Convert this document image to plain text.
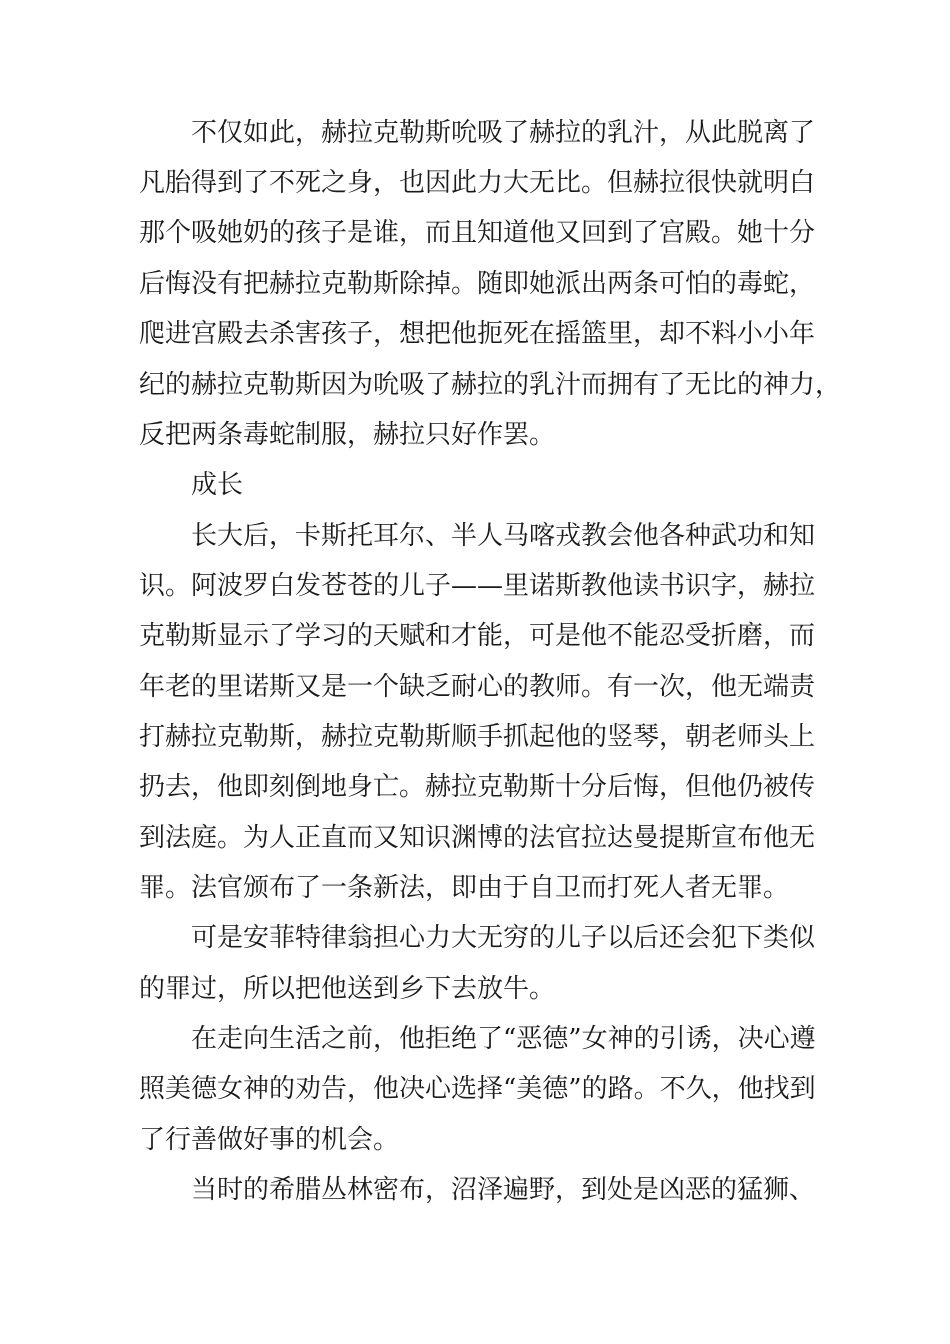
不仅如此，赫拉克勒斯吮吸了赫拉的乳汁，从此脱离了
凡胎得到了不死之身，也因此力大无比。但赫拉很快就明白
那个吸她奶的孩子是谁，而且知道他又回到了宫殿。她十分
后悔没有把赫拉克勒斯除掉。随即她派出两条可怕的毒蛇，
爬进宫殿去杀害孩子，想把他扼死在摇篮里，却不料小小年
纪的赫拉克勒斯因为吮吸了赫拉的乳汁而拥有了无比的神力，
反把两条毒蛇制服，赫拉只好作罢。
成长
长大后，卡斯托耳尔、半人马喀戎教会他各种武功和知
识。阿波罗白发苍苍的儿子——里诺斯教他读书识字，赫拉
克勒斯显示了学习的天赋和才能，可是他不能忍受折磨，而
年老的里诺斯又是一个缺乏耐心的教师。有一次，他无端责
打赫拉克勒斯，赫拉克勒斯顺手抓起他的竖琴，朝老师头上
扔去，他即刻倒地身亡。赫拉克勒斯十分后悔，但他仍被传
到法庭。为人正直而又知识渊博的法官拉达曼提斯宣布他无
罪。法官颁布了一条新法，即由于自卫而打死人者无罪。
可是安菲特律翁担心力大无穷的儿子以后还会犯下类似
的罪过，所以把他送到乡下去放牛。
在走向生活之前，他拒绝了“恶德”女神的引诱，决心遵
照美德女神的劝告，他决心选择“美德”的路。不久，他找到
了行善做好事的机会。
当时的希腊丛林密布，沼泽遍野，到处是凶恶的猛狮、
